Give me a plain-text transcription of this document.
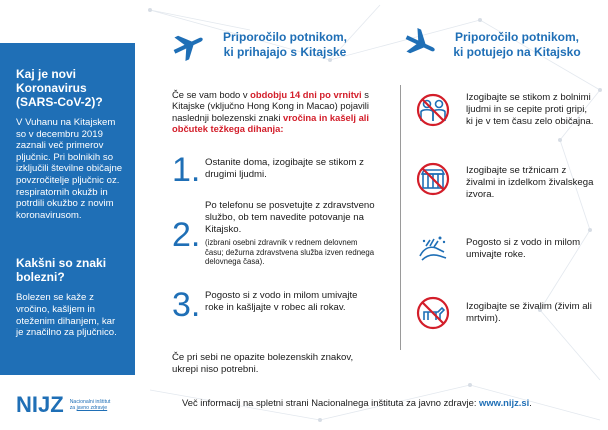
Kaj je novi Koronavirus (SARS-CoV-2)?
V Vuhanu na Kitajskem so v decembru 2019 zaznali več primerov pljučnic. Pri bolnikih so izključili številne običajne povzročitelje pljučnic oz. respiratornih okužb in potrdili okužbo z novim koronavirusom.
Kakšni so znaki bolezni?
Bolezen se kaže z vročino, kašljem in oteženim dihanjem, kar je značilno za pljučnico.
NIJZ Nacionalni inštitut
za javno zdravje
Priporočilo potnikom,
ki prihajajo s Kitajske
Če se vam bodo v obdobju 14 dni po vrnitvi s Kitajske (vključno Hong Kong in Macao) pojavili naslednji bolezenski znaki vročina in kašelj ali občutek težkega dihanja:
1. Ostanite doma, izogibajte se stikom z drugimi ljudmi.
2.
Po telefonu se posvetujte z zdravstveno službo, ob tem navedite potovanje na Kitajsko.
(izbrani osebni zdravnik v rednem delovnem času; dežurna zdravstvena služba izven rednega delovnega časa).
3. Pogosto si z vodo in milom umivajte roke in kašljajte v robec ali rokav.
Če pri sebi ne opazite bolezenskih znakov, ukrepi niso potrebni.
Priporočilo potnikom,
ki potujejo na Kitajsko
Izogibajte se stikom z bolnimi ljudmi in se cepite proti gripi, ki je v tem času zelo običajna.
Izogibajte se tržnicam z živalmi in izdelkom živalskega izvora.
Pogosto si z vodo in milom umivajte roke.
Izogibajte se živalim (živim ali mrtvim).
Več informacij na spletni strani Nacionalnega inštituta za javno zdravje: www.nijz.si.
